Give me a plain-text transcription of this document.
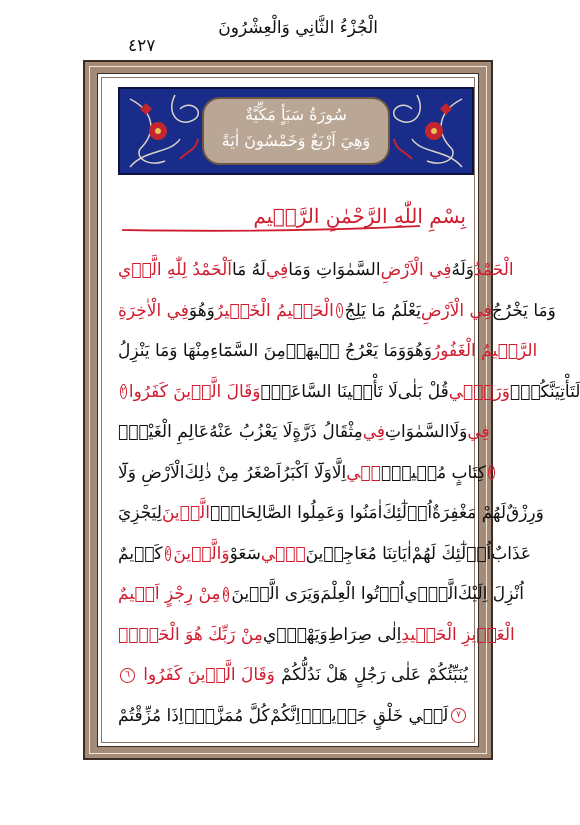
٤٢٧
الْجُزْءُ الثَّانِي وَالْعِشْرُونَ
سُورَةُ سَبَأٍ مَكِّيَّةٌ
وَهِيَ اَرْبَعٌ وَخَمْسُونَ اٰيَةً
بِسْمِ اللّٰهِ الرَّحْمٰنِ الرَّح۪يمِ
اَلْحَمْدُ لِلّٰهِ الَّذ۪ي لَهُ مَا فِي السَّمٰوَاتِ وَمَا فِي الْاَرْضِ وَلَهُ الْحَمْدُ
فِي الْاٰخِرَةِ وَهُوَ الْحَك۪يمُ الْخَب۪يرُ ١ يَعْلَمُ مَا يَلِجُ فِي الْاَرْضِ وَمَا يَخْرُجُ
مِنْهَا وَمَا يَنْزِلُ مِنَ السَّمَٓاءِ وَمَا يَعْرُجُ ف۪يهَاۜ وَهُوَ الرَّح۪يمُ الْغَفُورُ
٢ وَقَالَ الَّذ۪ينَ كَفَرُوا لَا تَأْت۪ينَا السَّاعَةُۜ قُلْ بَلٰى وَرَبّ۪ي لَتَأْتِيَنَّكُمْۙ
عَالِمِ الْغَيْبِۚ لَا يَعْزُبُ عَنْهُ مِثْقَالُ ذَرَّةٍ فِي السَّمٰوَاتِ وَلَا فِي
الْاَرْضِ وَلَٓا اَصْغَرُ مِنْ ذٰلِكَ وَلَٓا اَكْبَرُ اِلَّا ف۪ي كِتَابٍ مُب۪ينٍۙ ٣
لِيَجْزِيَ الَّذ۪ينَ اٰمَنُوا وَعَمِلُوا الصَّالِحَاتِۜ اُو۬لٰٓئِكَ لَهُمْ مَغْفِرَةٌ وَرِزْقٌ
كَر۪يمٌ ٤ وَالَّذ۪ينَ سَعَوْ ف۪ٓي اٰيَاتِنَا مُعَاجِز۪ينَ اُو۬لٰٓئِكَ لَهُمْ عَذَابٌ
مِنْ رِجْزٍ اَل۪يمٌ ٥ وَيَرَى الَّذ۪ينَ اُو۫تُوا الْعِلْمَ الَّذ۪ٓي اُنْزِلَ اِلَيْكَ
مِنْ رَبِّكَ هُوَ الْحَقَّۙ وَيَهْد۪ٓي اِلٰى صِرَاطِ الْعَز۪يزِ الْحَم۪يدِ
٦ وَقَالَ الَّذ۪ينَ كَفَرُوا هَلْ نَدُلُّكُمْ عَلٰى رَجُلٍ يُنَبِّئُكُمْ
اِذَا مُزِّقْتُمْ كُلَّ مُمَزَّقٍۙ اِنَّكُمْ لَف۪ي خَلْقٍ جَد۪يدٍۚ ٧
